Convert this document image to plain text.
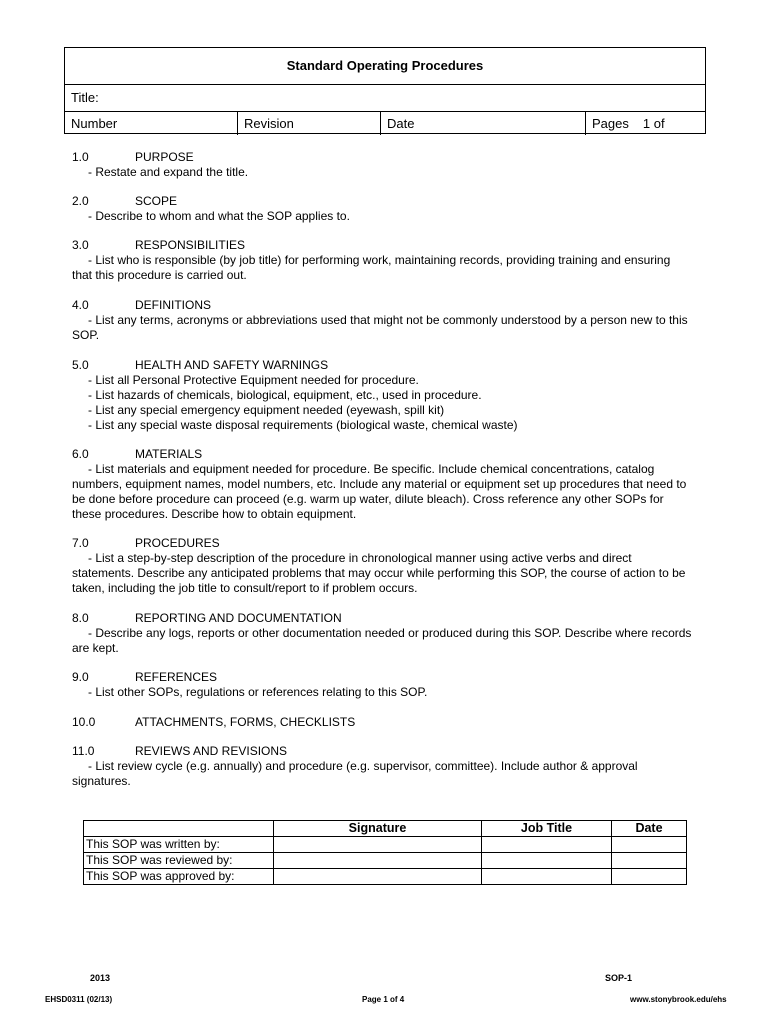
Standard Operating Procedures
Title:
Number	Revision	Date	Pages 1 of
1.0	PURPOSE
- Restate and expand the title.
2.0	SCOPE
- Describe to whom and what the SOP applies to.
3.0	RESPONSIBILITIES
- List who is responsible (by job title) for performing work, maintaining records, providing training and ensuring that this procedure is carried out.
4.0	DEFINITIONS
- List any terms, acronyms or abbreviations used that might not be commonly understood by a person new to this SOP.
5.0	HEALTH AND SAFETY WARNINGS
- List all Personal Protective Equipment needed for procedure.
- List hazards of chemicals, biological, equipment, etc., used in procedure.
- List any special emergency equipment needed (eyewash, spill kit)
- List any special waste disposal requirements (biological waste, chemical waste)
6.0	MATERIALS
- List materials and equipment needed for procedure. Be specific. Include chemical concentrations, catalog numbers, equipment names, model numbers, etc. Include any material or equipment set up procedures that need to be done before procedure can proceed (e.g. warm up water, dilute bleach). Cross reference any other SOPs for these procedures. Describe how to obtain equipment.
7.0	PROCEDURES
- List a step-by-step description of the procedure in chronological manner using active verbs and direct statements. Describe any anticipated problems that may occur while performing this SOP, the course of action to be taken, including the job title to consult/report to if problem occurs.
8.0	REPORTING AND DOCUMENTATION
- Describe any logs, reports or other documentation needed or produced during this SOP. Describe where records are kept.
9.0	REFERENCES
- List other SOPs, regulations or references relating to this SOP.
10.0	ATTACHMENTS, FORMS, CHECKLISTS
11.0	REVIEWS AND REVISIONS
- List review cycle (e.g. annually) and procedure (e.g. supervisor, committee). Include author & approval signatures.
	Signature	Job Title	Date
This SOP was written by:			
This SOP was reviewed by:			
This SOP was approved by:			
2013	SOP-1
EHSD0311 (02/13)	Page 1 of 4	www.stonybrook.edu/ehs
